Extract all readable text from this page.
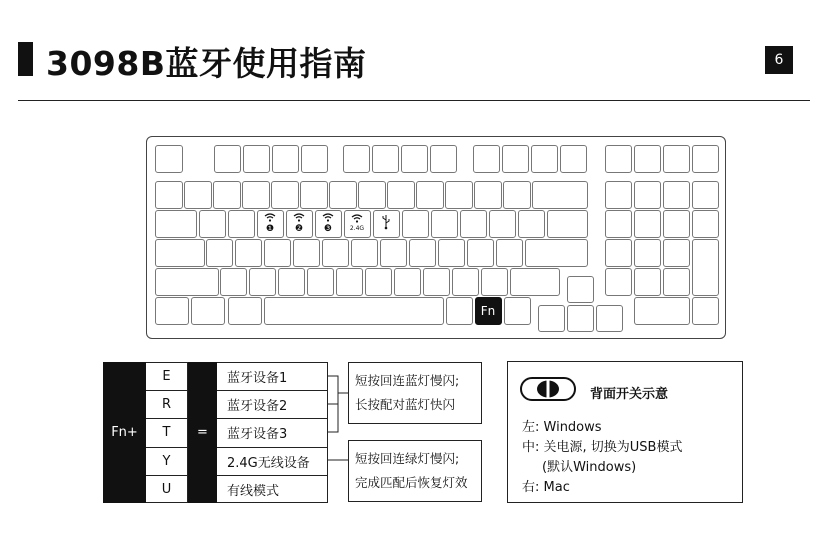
3098B蓝牙使用指南	6
❶ ❷ ❸	2.4G
Fn
Fn+
E
R
T
Y
U
=
蓝牙设备1
蓝牙设备2
蓝牙设备3
2.4G无线设备
有线模式
短按回连蓝灯慢闪;
长按配对蓝灯快闪
短按回连绿灯慢闪;
完成匹配后恢复灯效
背面开关示意
左: Windows
中: 关电源, 切换为USB模式
(默认Windows)
右: Mac
